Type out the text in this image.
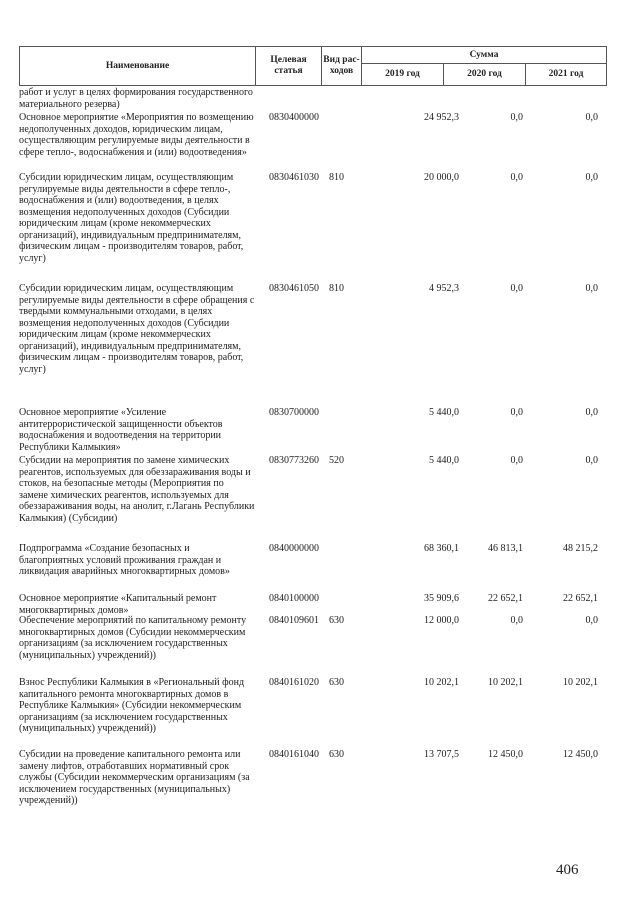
Наименование	Целевая статья	Вид рас-ходов	Сумма		
			2019 год	2020 год	2021 год
работ и услуг в целях формирования государственного материального резерва)
Основное мероприятие «Мероприятия по возмещению недополученных доходов, юридическим лицам, осуществляющим регулируемые виды деятельности в сфере тепло-, водоснабжения и (или) водоотведения»
0830400000	24 952,3	0,0	0,0
Субсидии юридическим лицам, осуществляющим регулируемые виды деятельности в сфере тепло-, водоснабжения и (или) водоотведения, в целях возмещения недополученных доходов (Субсидии юридическим лицам (кроме некоммерческих организаций), индивидуальным предпринимателям, физическим лицам - производителям товаров, работ, услуг)
0830461030 810	20 000,0	0,0	0,0
Субсидии юридическим лицам, осуществляющим регулируемые виды деятельности в сфере обращения с твердыми коммунальными отходами, в целях возмещения недополученных доходов (Субсидии юридическим лицам (кроме некоммерческих организаций), индивидуальным предпринимателям, физическим лицам - производителям товаров, работ, услуг)
0830461050 810	4 952,3	0,0	0,0
Основное мероприятие «Усиление антитеррористической защищенности объектов водоснабжения и водоотведения на территории Республики Калмыкия»
0830700000	5 440,0	0,0	0,0
Субсидии на мероприятия по замене химических реагентов, используемых для обеззараживания воды и стоков, на безопасные методы (Мероприятия по замене химических реагентов, используемых для обеззараживания воды, на анолит, г.Лагань Республики Калмыкия) (Субсидии)
0830773260 520	5 440,0	0,0	0,0
Подпрограмма «Создание безопасных и благоприятных условий проживания граждан и ликвидация аварийных многоквартирных домов»
0840000000	68 360,1	46 813,1	48 215,2
Основное мероприятие «Капитальный ремонт многоквартирных домов»
0840100000	35 909,6	22 652,1	22 652,1
Обеспечение мероприятий по капитальному ремонту многоквартирных домов (Субсидии некоммерческим организациям (за исключением государственных (муниципальных) учреждений))
0840109601 630	12 000,0	0,0	0,0
Взнос Республики Калмыкия в «Региональный фонд капитального ремонта многоквартирных домов в Республике Калмыкия» (Субсидии некоммерческим организациям (за исключением государственных (муниципальных) учреждений))
0840161020 630	10 202,1	10 202,1	10 202,1
Субсидии на проведение капитального ремонта или замену лифтов, отработавших нормативный срок службы (Субсидии некоммерческим организациям (за исключением государственных (муниципальных) учреждений))
0840161040 630	13 707,5	12 450,0	12 450,0
406
